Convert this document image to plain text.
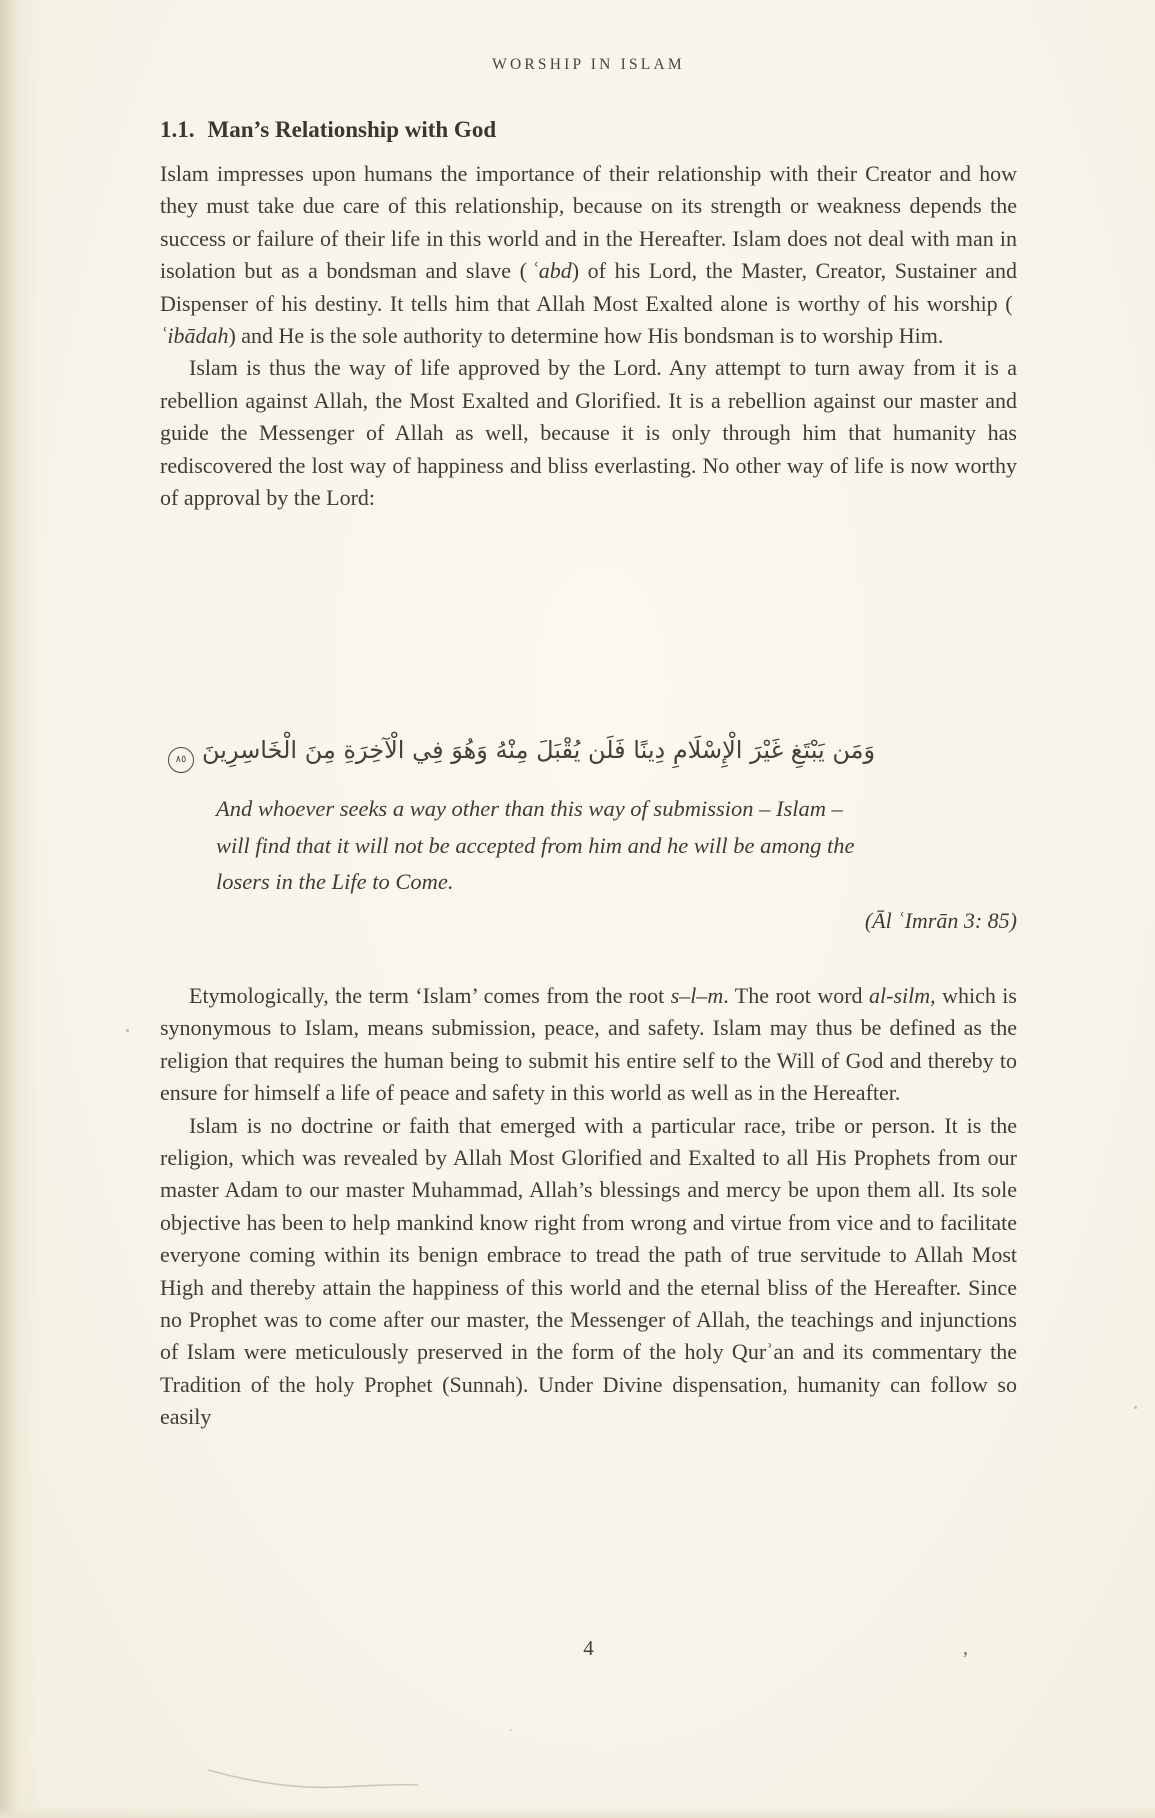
WORSHIP IN ISLAM
1.1. Man’s Relationship with God

Islam impresses upon humans the importance of their relationship with their Creator and how they must take due care of this relationship, because on its strength or weakness depends the success or failure of their life in this world and in the Hereafter. Islam does not deal with man in isolation but as a bondsman and slave ( ʿabd) of his Lord, the Master, Creator, Sustainer and Dispenser of his destiny. It tells him that Allah Most Exalted alone is worthy of his worship ( ʿibādah) and He is the sole authority to determine how His bondsman is to worship Him.

Islam is thus the way of life approved by the Lord. Any attempt to turn away from it is a rebellion against Allah, the Most Exalted and Glorified. It is a rebellion against our master and guide the Messenger of Allah as well, because it is only through him that humanity has rediscovered the lost way of happiness and bliss everlasting. No other way of life is now worthy of approval by the Lord:

وَمَن يَبْتَغِ غَيْرَ الْإِسْلَامِ دِينًا فَلَن يُقْبَلَ مِنْهُ وَهُوَ فِي الْآخِرَةِ مِنَ الْخَاسِرِينَ٨٥
And whoever seeks a way other than this way of submission – Islam –
will find that it will not be accepted from him and he will be among the
losers in the Life to Come.
(Āl ʿImrān 3: 85)

Etymologically, the term ‘Islam’ comes from the root s–l–m. The root word al-silm, which is synonymous to Islam, means submission, peace, and safety. Islam may thus be defined as the religion that requires the human being to submit his entire self to the Will of God and thereby to ensure for himself a life of peace and safety in this world as well as in the Hereafter.

Islam is no doctrine or faith that emerged with a particular race, tribe or person. It is the religion, which was revealed by Allah Most Glorified and Exalted to all His Prophets from our master Adam to our master Muhammad, Allah’s blessings and mercy be upon them all. Its sole objective has been to help mankind know right from wrong and virtue from vice and to facilitate everyone coming within its benign embrace to tread the path of true servitude to Allah Most High and thereby attain the happiness of this world and the eternal bliss of the Hereafter. Since no Prophet was to come after our master, the Messenger of Allah, the teachings and injunctions of Islam were meticulously preserved in the form of the holy Qurʾan and its commentary the Tradition of the holy Prophet (Sunnah). Under Divine dispensation, humanity can follow so easily

4	’
